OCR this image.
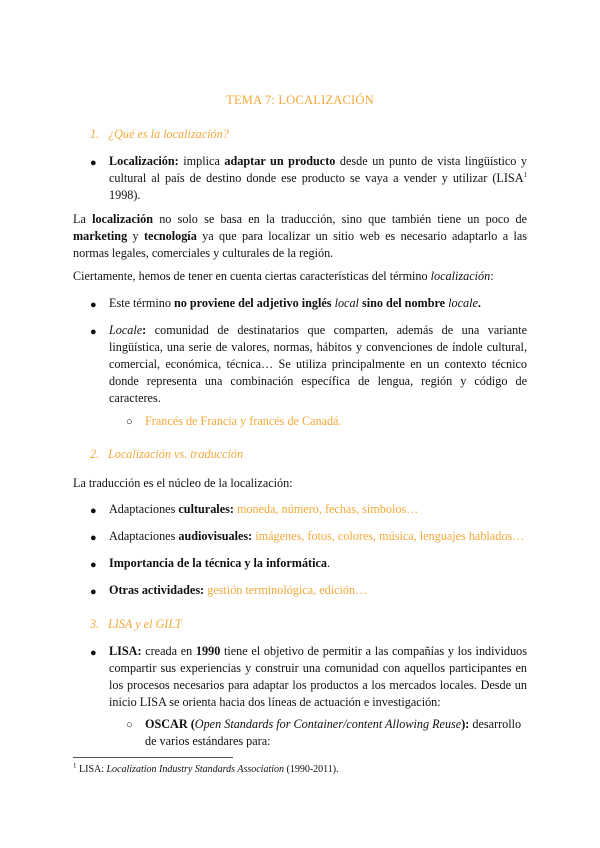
TEMA 7: LOCALIZACIÓN
1. ¿Qué es la localización?
● Localización: implica adaptar un producto desde un punto de vista lingüístico y cultural al país de destino donde ese producto se vaya a vender y utilizar (LISA$^1$ 1998).
La localización no solo se basa en la traducción, sino que también tiene un poco de marketing y tecnología ya que para localizar un sitio web es necesario adaptarlo a las normas legales, comerciales y culturales de la región.
Ciertamente, hemos de tener en cuenta ciertas características del término localización:
● Este término no proviene del adjetivo inglés local sino del nombre locale.
● Locale: comunidad de destinatarios que comparten, además de una variante lingüística, una serie de valores, normas, hábitos y convenciones de índole cultural, comercial, económica, técnica… Se utiliza principalmente en un contexto técnico donde representa una combinación específica de lengua, región y código de caracteres.
○ Francés de Francia y francés de Canadá.
2. Localización vs. traducción
La traducción es el núcleo de la localización:
● Adaptaciones culturales: moneda, número, fechas, símbolos…
● Adaptaciones audiovisuales: imágenes, fotos, colores, música, lenguajes hablados…
● Importancia de la técnica y la informática.
● Otras actividades: gestión terminológica, edición…
3. LISA y el GILT
● LISA: creada en 1990 tiene el objetivo de permitir a las compañías y los individuos compartir sus experiencias y construir una comunidad con aquellos participantes en los procesos necesarios para adaptar los productos a los mercados locales. Desde un inicio LISA se orienta hacia dos líneas de actuación e investigación:
○ OSCAR (Open Standards for Container/content Allowing Reuse): desarrollo de varios estándares para:
$^1$ LISA: Localization Industry Standards Association (1990-2011).
